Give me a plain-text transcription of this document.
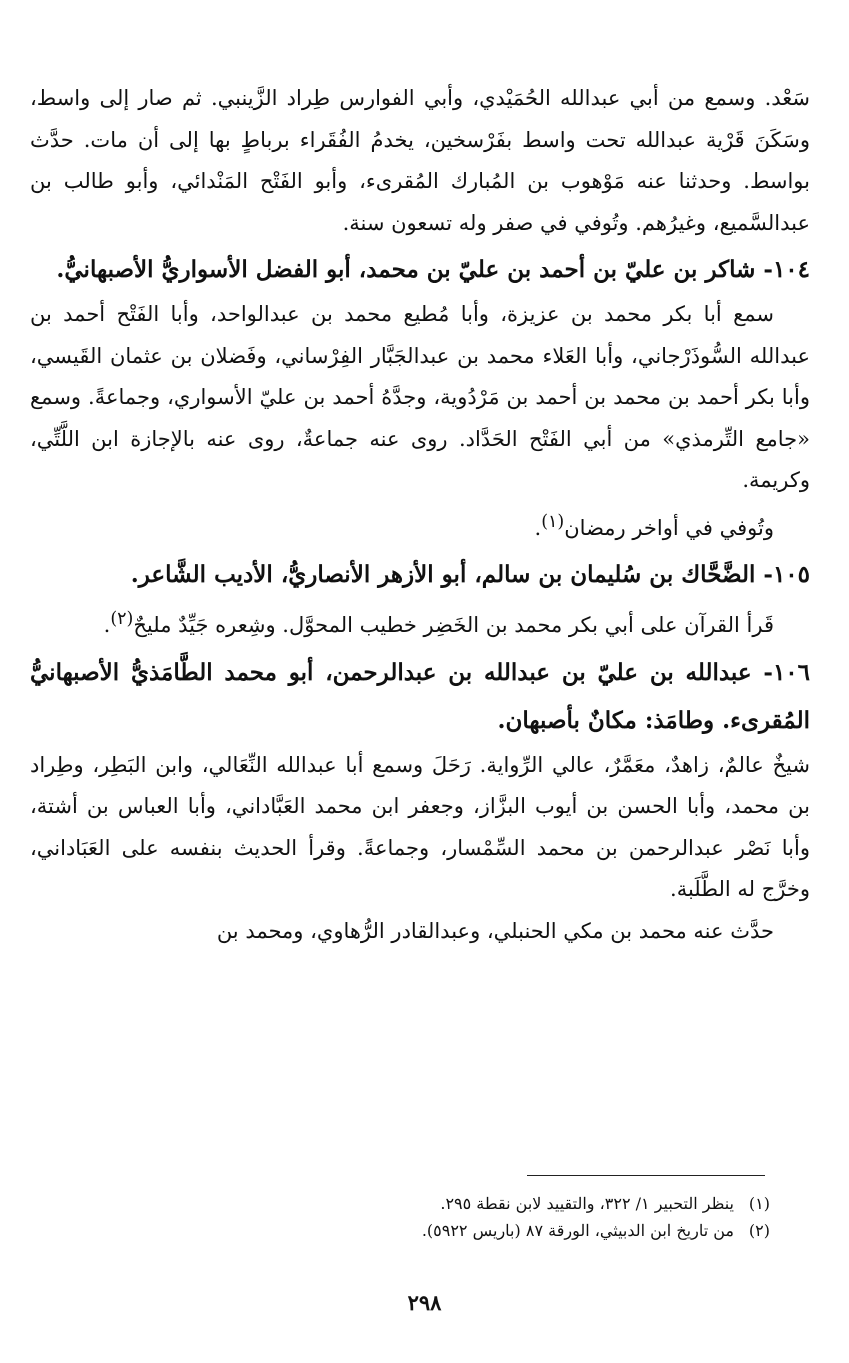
سَعْد. وسمع من أبي عبدالله الحُمَيْدي، وأبي الفوارس طِراد الزَّينبي. ثم صار إلى واسط، وسَكَنَ قَرْية عبدالله تحت واسط بفَرْسخين، يخدمُ الفُقَراء برباطٍ بها إلى أن مات. حدَّث بواسط. وحدثنا عنه مَوْهوب بن المُبارك المُقرىء، وأبو الفَتْح المَنْدائي، وأبو طالب بن عبدالسَّميع، وغيرُهم. وتُوفي في صفر وله تسعون سنة.

١٠٤- شاكر بن عليّ بن أحمد بن عليّ بن محمد، أبو الفضل الأسواريُّ الأصبهانيُّ.

سمع أبا بكر محمد بن عزيزة، وأبا مُطيع محمد بن عبدالواحد، وأبا الفَتْح أحمد بن عبدالله السُّوذَرْجاني، وأبا العَلاء محمد بن عبدالجَبَّار الفِرْساني، وفَضلان بن عثمان القَيسي، وأبا بكر أحمد بن محمد بن أحمد بن مَرْدُوية، وجدَّهُ أحمد بن عليّ الأسواري، وجماعةً. وسمع «جامع التِّرمذي» من أبي الفَتْح الحَدَّاد. روى عنه جماعةٌ، روى عنه بالإجازة ابن اللَّتِّي، وكريمة.

وتُوفي في أواخر رمضان$^{(١)}$.

١٠٥- الضَّحَّاك بن سُليمان بن سالم، أبو الأزهر الأنصاريُّ، الأديب الشَّاعر.

قَرأ القرآن على أبي بكر محمد بن الخَضِر خطيب المحوَّل. وشِعره جَيِّدٌ مليحٌ$^{(٢)}$.

١٠٦- عبدالله بن عليّ بن عبدالله بن عبدالرحمن، أبو محمد الطَّامَذيُّ الأصبهانيُّ المُقرىء. وطامَذ: مكانٌ بأصبهان.

شيخٌ عالمٌ، زاهدٌ، معَمَّرٌ، عالي الرِّواية. رَحَلَ وسمع أبا عبدالله النِّعَالي، وابن البَطِر، وطِراد بن محمد، وأبا الحسن بن أيوب البزَّاز، وجعفر ابن محمد العَبَّاداني، وأبا العباس بن أشتة، وأبا نَصْر عبدالرحمن بن محمد السِّمْسار، وجماعةً. وقرأ الحديث بنفسه على العَبَاداني، وخرَّج له الطَّلَبة.

حدَّث عنه محمد بن مكي الحنبلي، وعبدالقادر الرُّهاوي، ومحمد بن

(١)ينظر التحبير ١/ ٣٢٢، والتقييد لابن نقطة ٢٩٥.

(٢)من تاريخ ابن الدبيثي، الورقة ٨٧ (باريس ٥٩٢٢).

٢٩٨
